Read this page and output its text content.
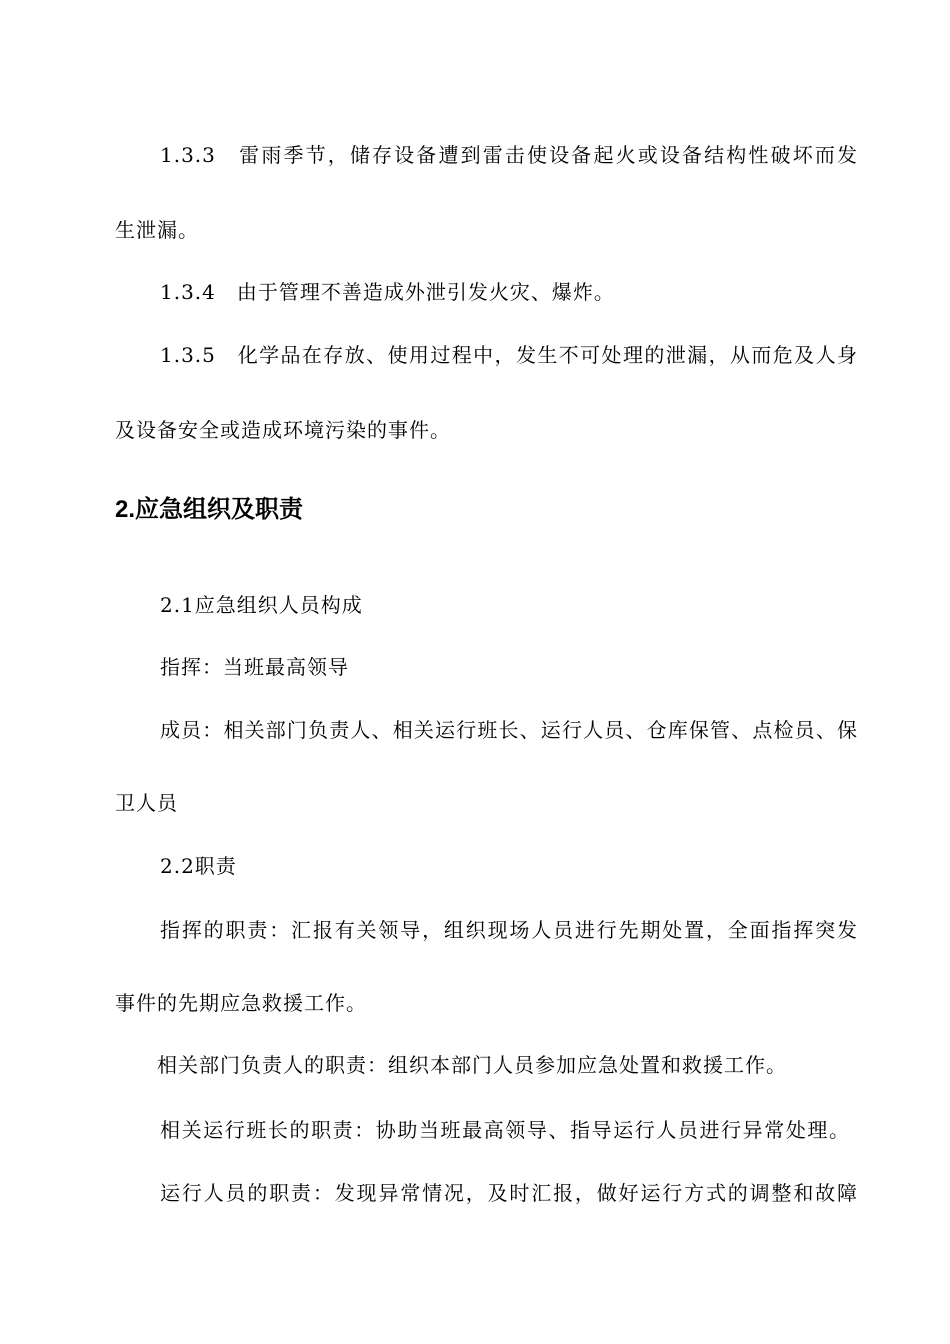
1.3.3　雷雨季节，储存设备遭到雷击使设备起火或设备结构性破坏而发
生泄漏。
1.3.4　由于管理不善造成外泄引发火灾、爆炸。
1.3.5　化学品在存放、使用过程中，发生不可处理的泄漏，从而危及人身
及设备安全或造成环境污染的事件。
2.应急组织及职责
2.1应急组织人员构成
指挥：当班最高领导
成员：相关部门负责人、相关运行班长、运行人员、仓库保管、点检员、保
卫人员
2.2职责
指挥的职责：汇报有关领导，组织现场人员进行先期处置，全面指挥突发
事件的先期应急救援工作。
相关部门负责人的职责：组织本部门人员参加应急处置和救援工作。
相关运行班长的职责：协助当班最高领导、指导运行人员进行异常处理。
运行人员的职责：发现异常情况，及时汇报，做好运行方式的调整和故障
